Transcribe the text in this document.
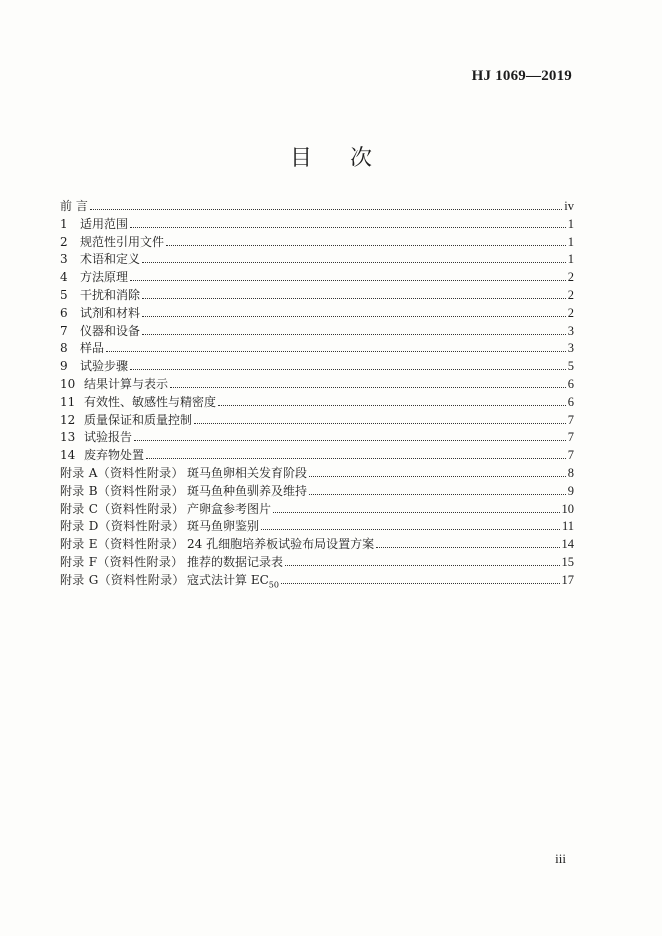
HJ 1069—2019
目次
前 言	iv
1	适用范围	1
2	规范性引用文件	1
3	术语和定义	1
4	方法原理	2
5	干扰和消除	2
6	试剂和材料	2
7	仪器和设备	3
8	样品	3
9	试验步骤	5
10 结果计算与表示	6
11 有效性、敏感性与精密度	6
12 质量保证和质量控制	7
13 试验报告	7
14 废弃物处置	7
附录 A（资料性附录） 斑马鱼卵相关发育阶段	8
附录 B（资料性附录） 斑马鱼种鱼驯养及维持	9
附录 C（资料性附录） 产卵盒参考图片	10
附录 D（资料性附录） 斑马鱼卵鉴别	11
附录 E（资料性附录） 24 孔细胞培养板试验布局设置方案	14
附录 F（资料性附录） 推荐的数据记录表	15
附录 G（资料性附录） 寇式法计算 $EC_{50}$	17
iii
